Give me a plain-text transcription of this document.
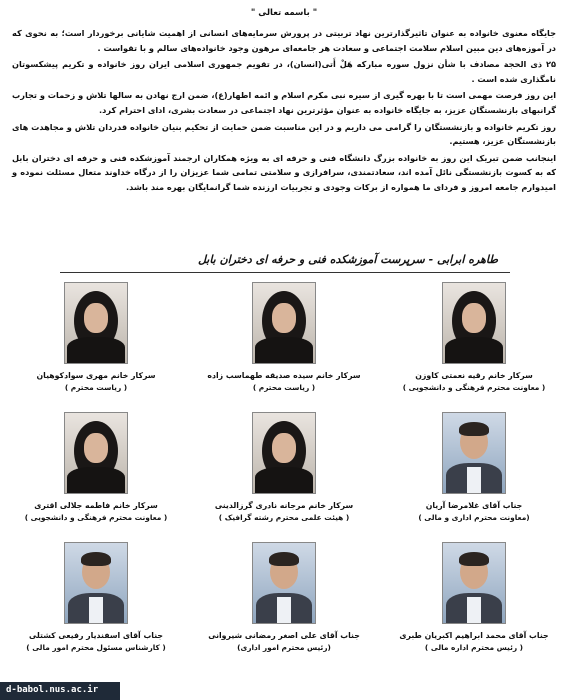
" باسمه تعالی "

جایگاه معنوی خانواده به عنوان تاثیرگذارترین نهاد تربیتی در پرورش سرمایه‌های انسانی از اهمیت شایانی برخوردار است؛ به نحوی که در آموزه‌های دین مبین اسلام سلامت اجتماعی و سعادت هر جامعه‌ای مرهون وجود خانواده‌های سالم و با تقواست .

۲۵ ذی الحجة مصادف با شأن نزول سوره مبارکه هَلْ أَتی(انسان)، در تقویم جمهوری اسلامی ایران روز خانواده و تکریم پیشکسوتان نامگذاری شده است .

این روز فرصت مهمی است تا با بهره گیری از سیره نبی مکرم اسلام و ائمه اطهار(ع)، ضمن ارج نهادن به سالها تلاش و زحمات و تجارب گرانبهای بازنشستگان عزیز، به جایگاه خانواده به عنوان مؤثرترین نهاد اجتماعی در سعادت بشری، ادای احترام کرد.

روز تکریم خانواده و بازنشستگان را گرامی می داریم و در این مناسبت ضمن حمایت از تحکیم بنیان خانواده قدردان تلاش و مجاهدت های بازنشستگان عزیز، هستیم.

اینجانب ضمن تبریک این روز به خانواده بزرگ دانشگاه فنی و حرفه ای به ویژه همکاران ارجمند آموزشکده فنی و حرفه ای دختران بابل که به کسوت بازنشستگی نائل آمده اند، سعادتمندی، سرافرازی و سلامتی تمامی شما عزیزان را از درگاه خداوند متعال مسئلت نموده و امیدوارم جامعه امروز و فردای ما همواره از برکات وجودی و تجربیات ارزنده شما گرانمایگان بهره مند باشد.

طاهره ابرابی - سرپرست آموزشکده فنی و حرفه ای دختران بابل
سرکار خانم رقیه نعمتی کاوزن
( معاونت محترم فرهنگی و دانشجویی )
سرکار خانم سیده صدیقه طهماسب زاده
( ریاست محترم )
سرکار خانم مهری سوادکوهیان
( ریاست محترم )
جناب آقای غلامرضا آریان
(معاونت محترم اداری و مالی )
سرکار خانم مرجانه نادری گرزالدینی
( هیئت علمی محترم رشته گرافیک )
سرکار خانم فاطمه جلالی اقتری
( معاونت محترم فرهنگی و دانشجویی )
جناب آقای محمد ابراهیم اکبریان طبری
( رئیس محترم اداره مالی )
جناب آقای علی اصغر رمضانی شیروانی
(رئیس محترم امور اداری)
جناب آقای اسفندیار رفیعی کشتلی
( کارشناس مسئول محترم امور مالی )
d-babol.nus.ac.ir
